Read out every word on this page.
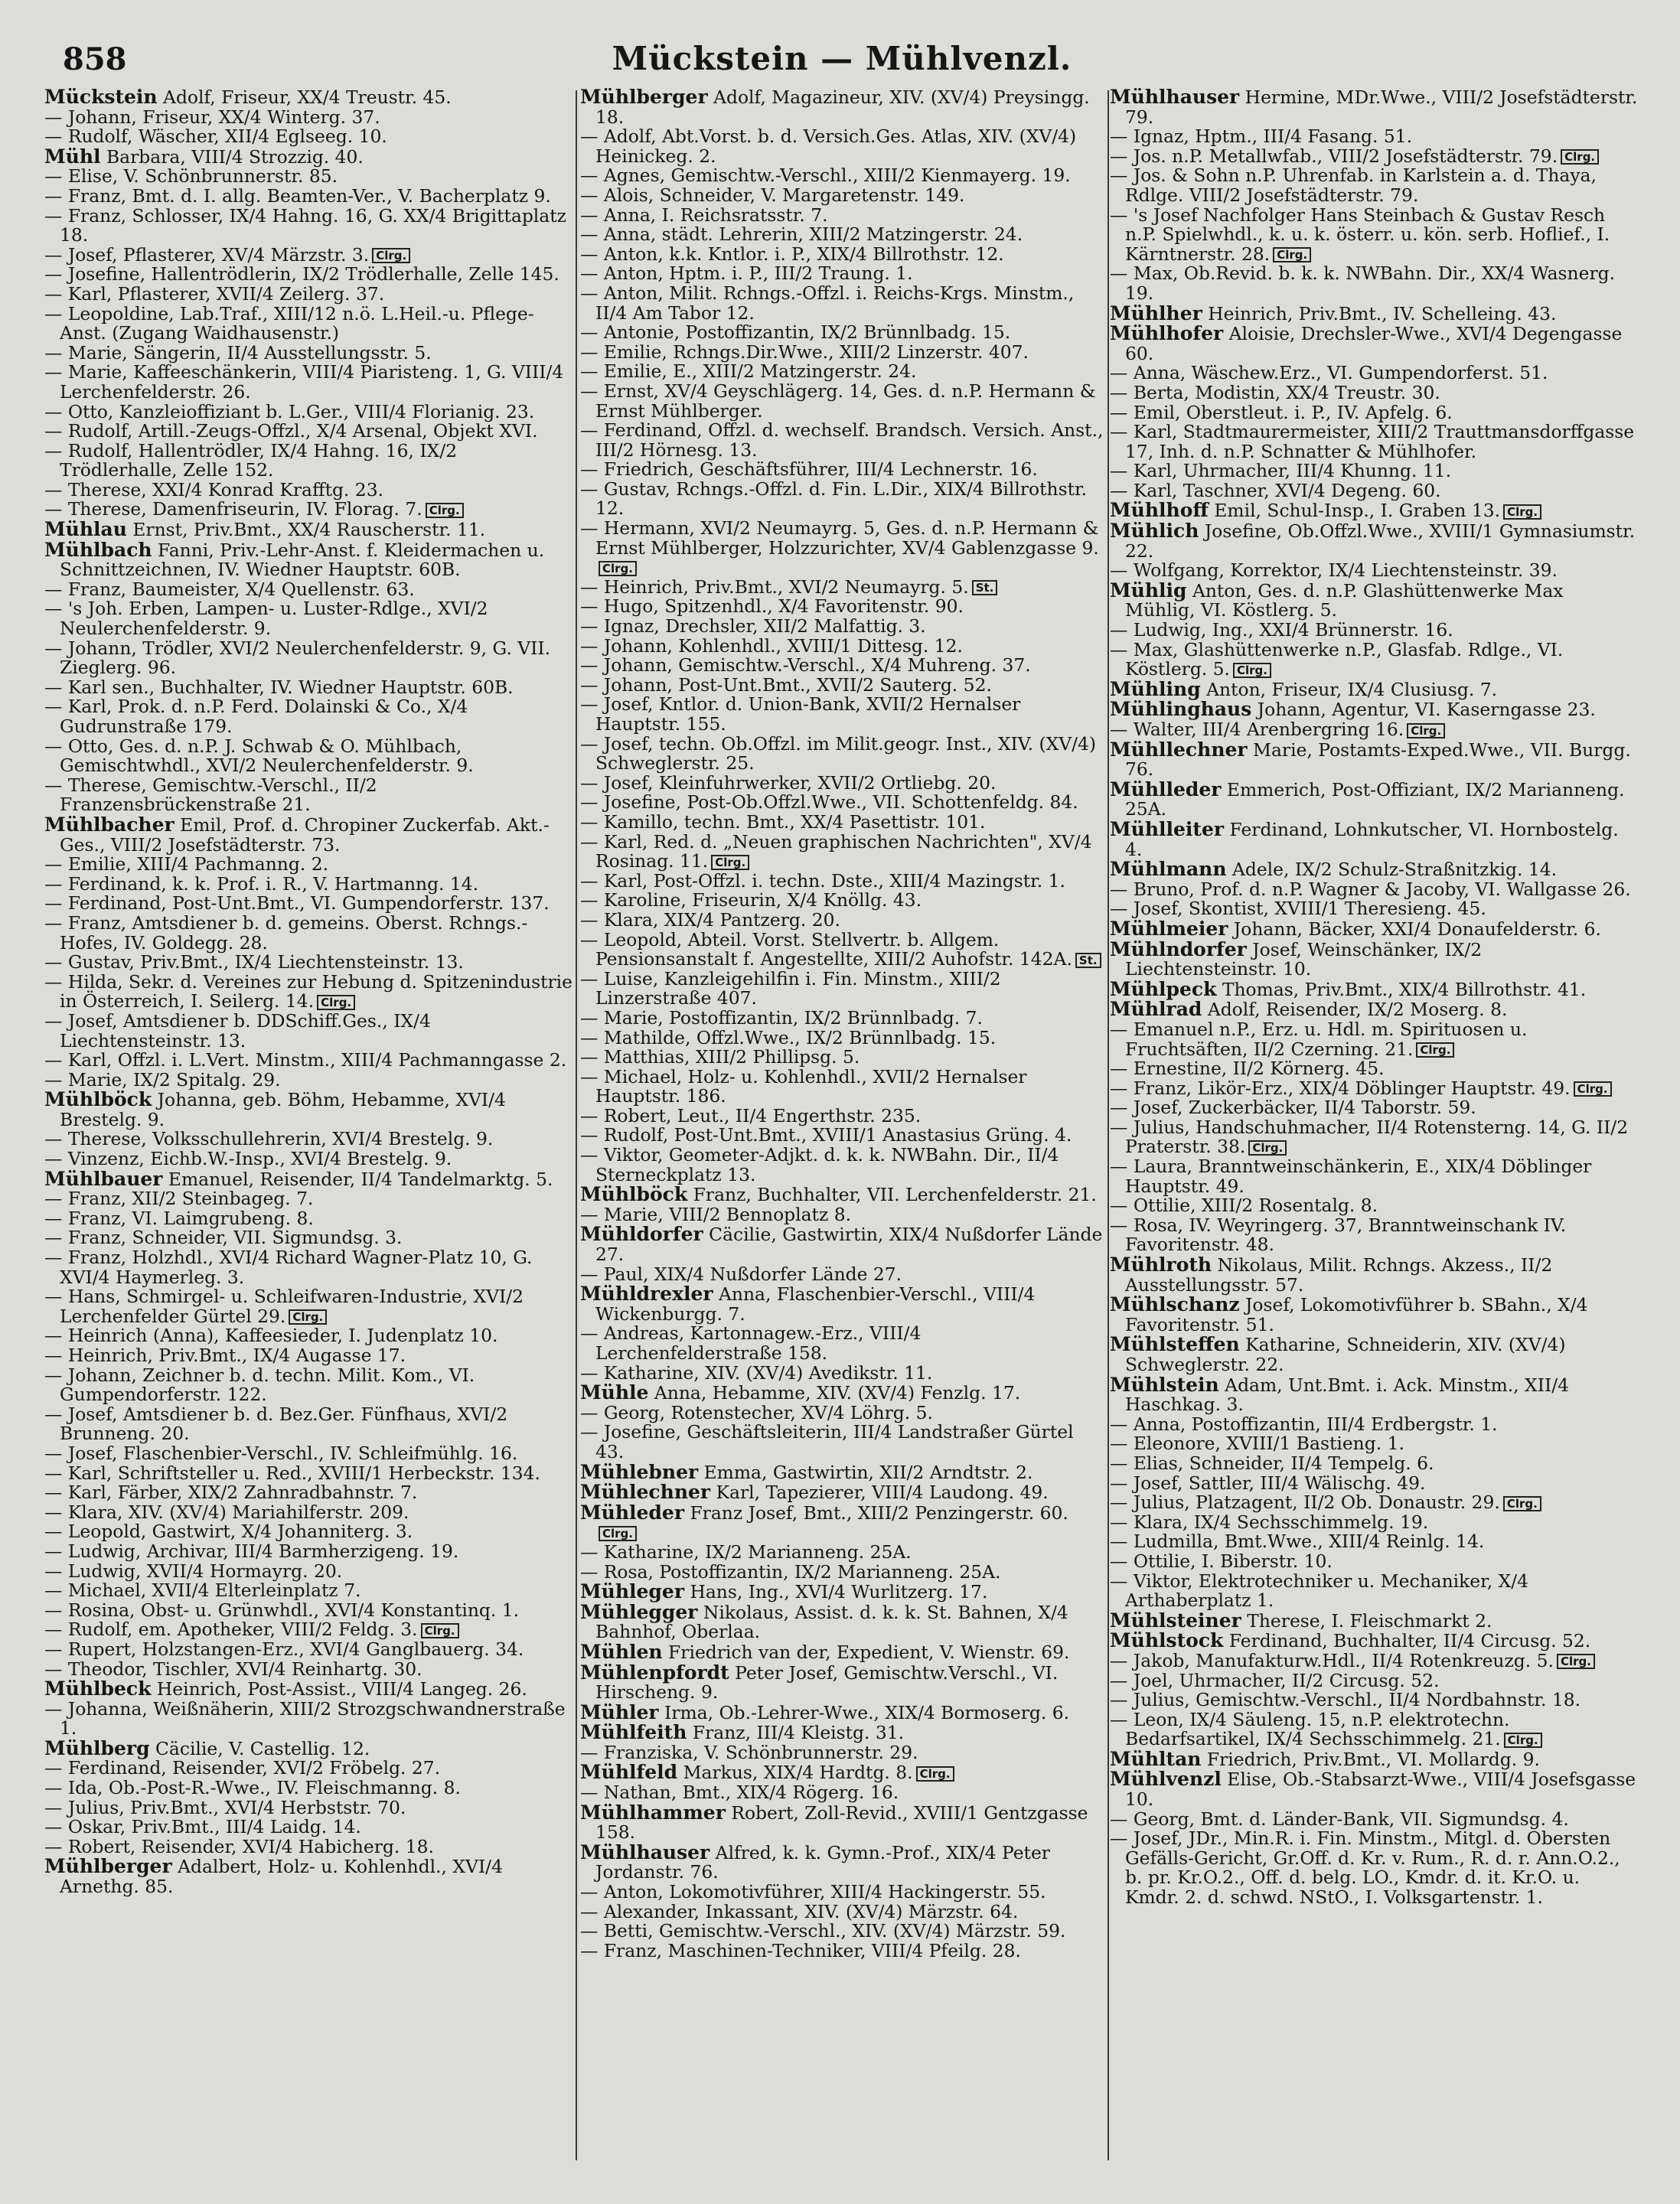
858	Mückstein — Mühlvenzl.

Mückstein Adolf, Friseur, XX/4 Treustr. 45.

— Johann, Friseur, XX/4 Winterg. 37.

— Rudolf, Wäscher, XII/4 Eglseeg. 10.

Mühl Barbara, VIII/4 Strozzig. 40.

— Elise, V. Schönbrunnerstr. 85.

— Franz, Bmt. d. I. allg. Beamten-Ver., V. Bacherplatz 9.

— Franz, Schlosser, IX/4 Hahng. 16, G. XX/4 Brigittaplatz 18.

— Josef, Pflasterer, XV/4 Märzstr. 3. Clrg.

— Josefine, Hallentrödlerin, IX/2 Trödlerhalle, Zelle 145.

— Karl, Pflasterer, XVII/4 Zeilerg. 37.

— Leopoldine, Lab.Traf., XIII/12 n.ö. L.Heil.-u. Pflege-Anst. (Zugang Waidhausenstr.)

— Marie, Sängerin, II/4 Ausstellungsstr. 5.

— Marie, Kaffeeschänkerin, VIII/4 Piaristeng. 1, G. VIII/4 Lerchenfelderstr. 26.

— Otto, Kanzleioffiziant b. L.Ger., VIII/4 Florianig. 23.

— Rudolf, Artill.-Zeugs-Offzl., X/4 Arsenal, Objekt XVI.

— Rudolf, Hallentrödler, IX/4 Hahng. 16, IX/2 Trödlerhalle, Zelle 152.

— Therese, XXI/4 Konrad Krafftg. 23.

— Therese, Damenfriseurin, IV. Florag. 7. Clrg.

Mühlau Ernst, Priv.Bmt., XX/4 Rauscherstr. 11.

Mühlbach Fanni, Priv.-Lehr-Anst. f. Kleidermachen u. Schnittzeichnen, IV. Wiedner Hauptstr. 60B.

— Franz, Baumeister, X/4 Quellenstr. 63.

— 's Joh. Erben, Lampen- u. Luster-Rdlge., XVI/2 Neulerchenfelderstr. 9.

— Johann, Trödler, XVI/2 Neulerchenfelderstr. 9, G. VII. Zieglerg. 96.

— Karl sen., Buchhalter, IV. Wiedner Hauptstr. 60B.

— Karl, Prok. d. n.P. Ferd. Dolainski & Co., X/4 Gudrunstraße 179.

— Otto, Ges. d. n.P. J. Schwab & O. Mühlbach, Gemischtwhdl., XVI/2 Neulerchenfelderstr. 9.

— Therese, Gemischtw.-Verschl., II/2 Franzensbrückenstraße 21.

Mühlbacher Emil, Prof. d. Chropiner Zuckerfab. Akt.-Ges., VIII/2 Josefstädterstr. 73.

— Emilie, XIII/4 Pachmanng. 2.

— Ferdinand, k. k. Prof. i. R., V. Hartmanng. 14.

— Ferdinand, Post-Unt.Bmt., VI. Gumpendorferstr. 137.

— Franz, Amtsdiener b. d. gemeins. Oberst. Rchngs.-Hofes, IV. Goldegg. 28.

— Gustav, Priv.Bmt., IX/4 Liechtensteinstr. 13.

— Hilda, Sekr. d. Vereines zur Hebung d. Spitzenindustrie in Österreich, I. Seilerg. 14. Clrg.

— Josef, Amtsdiener b. DDSchiff.Ges., IX/4 Liechtensteinstr. 13.

— Karl, Offzl. i. L.Vert. Minstm., XIII/4 Pachmanngasse 2.

— Marie, IX/2 Spitalg. 29.

Mühlböck Johanna, geb. Böhm, Hebamme, XVI/4 Brestelg. 9.

— Therese, Volksschullehrerin, XVI/4 Brestelg. 9.

— Vinzenz, Eichb.W.-Insp., XVI/4 Brestelg. 9.

Mühlbauer Emanuel, Reisender, II/4 Tandelmarktg. 5.

— Franz, XII/2 Steinbageg. 7.

— Franz, VI. Laimgrubeng. 8.

— Franz, Schneider, VII. Sigmundsg. 3.

— Franz, Holzhdl., XVI/4 Richard Wagner-Platz 10, G. XVI/4 Haymerleg. 3.

— Hans, Schmirgel- u. Schleifwaren-Industrie, XVI/2 Lerchenfelder Gürtel 29. Clrg.

— Heinrich (Anna), Kaffeesieder, I. Judenplatz 10.

— Heinrich, Priv.Bmt., IX/4 Augasse 17.

— Johann, Zeichner b. d. techn. Milit. Kom., VI. Gumpendorferstr. 122.

— Josef, Amtsdiener b. d. Bez.Ger. Fünfhaus, XVI/2 Brunneng. 20.

— Josef, Flaschenbier-Verschl., IV. Schleifmühlg. 16.

— Karl, Schriftsteller u. Red., XVIII/1 Herbeckstr. 134.

— Karl, Färber, XIX/2 Zahnradbahnstr. 7.

— Klara, XIV. (XV/4) Mariahilferstr. 209.

— Leopold, Gastwirt, X/4 Johanniterg. 3.

— Ludwig, Archivar, III/4 Barmherzigeng. 19.

— Ludwig, XVII/4 Hormayrg. 20.

— Michael, XVII/4 Elterleinplatz 7.

— Rosina, Obst- u. Grünwhdl., XVI/4 Konstantinq. 1.

— Rudolf, em. Apotheker, VIII/2 Feldg. 3. Clrg.

— Rupert, Holzstangen-Erz., XVI/4 Ganglbauerg. 34.

— Theodor, Tischler, XVI/4 Reinhartg. 30.

Mühlbeck Heinrich, Post-Assist., VIII/4 Langeg. 26.

— Johanna, Weißnäherin, XIII/2 Strozgschwandnerstraße 1.

Mühlberg Cäcilie, V. Castellig. 12.

— Ferdinand, Reisender, XVI/2 Fröbelg. 27.

— Ida, Ob.-Post-R.-Wwe., IV. Fleischmanng. 8.

— Julius, Priv.Bmt., XVI/4 Herbststr. 70.

— Oskar, Priv.Bmt., III/4 Laidg. 14.

— Robert, Reisender, XVI/4 Habicherg. 18.

Mühlberger Adalbert, Holz- u. Kohlenhdl., XVI/4 Arnethg. 85.

Mühlberger Adolf, Magazineur, XIV. (XV/4) Preysingg. 18.

— Adolf, Abt.Vorst. b. d. Versich.Ges. Atlas, XIV. (XV/4) Heinickeg. 2.

— Agnes, Gemischtw.-Verschl., XIII/2 Kienmayerg. 19.

— Alois, Schneider, V. Margaretenstr. 149.

— Anna, I. Reichsratsstr. 7.

— Anna, städt. Lehrerin, XIII/2 Matzingerstr. 24.

— Anton, k.k. Kntlor. i. P., XIX/4 Billrothstr. 12.

— Anton, Hptm. i. P., III/2 Traung. 1.

— Anton, Milit. Rchngs.-Offzl. i. Reichs-Krgs. Minstm., II/4 Am Tabor 12.

— Antonie, Postoffizantin, IX/2 Brünnlbadg. 15.

— Emilie, Rchngs.Dir.Wwe., XIII/2 Linzerstr. 407.

— Emilie, E., XIII/2 Matzingerstr. 24.

— Ernst, XV/4 Geyschlägerg. 14, Ges. d. n.P. Hermann & Ernst Mühlberger.

— Ferdinand, Offzl. d. wechself. Brandsch. Versich. Anst., III/2 Hörnesg. 13.

— Friedrich, Geschäftsführer, III/4 Lechnerstr. 16.

— Gustav, Rchngs.-Offzl. d. Fin. L.Dir., XIX/4 Billrothstr. 12.

— Hermann, XVI/2 Neumayrg. 5, Ges. d. n.P. Hermann & Ernst Mühlberger, Holzzurichter, XV/4 Gablenzgasse 9.Clrg.

— Heinrich, Priv.Bmt., XVI/2 Neumayrg. 5. St.

— Hugo, Spitzenhdl., X/4 Favoritenstr. 90.

— Ignaz, Drechsler, XII/2 Malfattig. 3.

— Johann, Kohlenhdl., XVIII/1 Dittesg. 12.

— Johann, Gemischtw.-Verschl., X/4 Muhreng. 37.

— Johann, Post-Unt.Bmt., XVII/2 Sauterg. 52.

— Josef, Kntlor. d. Union-Bank, XVII/2 Hernalser Hauptstr. 155.

— Josef, techn. Ob.Offzl. im Milit.geogr. Inst., XIV. (XV/4) Schweglerstr. 25.

— Josef, Kleinfuhrwerker, XVII/2 Ortliebg. 20.

— Josefine, Post-Ob.Offzl.Wwe., VII. Schottenfeldg. 84.

— Kamillo, techn. Bmt., XX/4 Pasettistr. 101.

— Karl, Red. d. „Neuen graphischen Nachrichten", XV/4 Rosinag. 11. Clrg.

— Karl, Post-Offzl. i. techn. Dste., XIII/4 Mazingstr. 1.

— Karoline, Friseurin, X/4 Knöllg. 43.

— Klara, XIX/4 Pantzerg. 20.

— Leopold, Abteil. Vorst. Stellvertr. b. Allgem. Pensionsanstalt f. Angestellte, XIII/2 Auhofstr. 142A. St.

— Luise, Kanzleigehilfin i. Fin. Minstm., XIII/2 Linzerstraße 407.

— Marie, Postoffizantin, IX/2 Brünnlbadg. 7.

— Mathilde, Offzl.Wwe., IX/2 Brünnlbadg. 15.

— Matthias, XIII/2 Phillipsg. 5.

— Michael, Holz- u. Kohlenhdl., XVII/2 Hernalser Hauptstr. 186.

— Robert, Leut., II/4 Engerthstr. 235.

— Rudolf, Post-Unt.Bmt., XVIII/1 Anastasius Grüng. 4.

— Viktor, Geometer-Adjkt. d. k. k. NWBahn. Dir., II/4 Sterneckplatz 13.

Mühlböck Franz, Buchhalter, VII. Lerchenfelderstr. 21.

— Marie, VIII/2 Bennoplatz 8.

Mühldorfer Cäcilie, Gastwirtin, XIX/4 Nußdorfer Lände 27.

— Paul, XIX/4 Nußdorfer Lände 27.

Mühldrexler Anna, Flaschenbier-Verschl., VIII/4 Wickenburgg. 7.

— Andreas, Kartonnagew.-Erz., VIII/4 Lerchenfelderstraße 158.

— Katharine, XIV. (XV/4) Avedikstr. 11.

Mühle Anna, Hebamme, XIV. (XV/4) Fenzlg. 17.

— Georg, Rotenstecher, XV/4 Löhrg. 5.

— Josefine, Geschäftsleiterin, III/4 Landstraßer Gürtel 43.

Mühlebner Emma, Gastwirtin, XII/2 Arndtstr. 2.

Mühlechner Karl, Tapezierer, VIII/4 Laudong. 49.

Mühleder Franz Josef, Bmt., XIII/2 Penzingerstr. 60.Clrg.

— Katharine, IX/2 Marianneng. 25A.

— Rosa, Postoffizantin, IX/2 Marianneng. 25A.

Mühleger Hans, Ing., XVI/4 Wurlitzerg. 17.

Mühlegger Nikolaus, Assist. d. k. k. St. Bahnen, X/4 Bahnhof, Oberlaa.

Mühlen Friedrich van der, Expedient, V. Wienstr. 69.

Mühlenpfordt Peter Josef, Gemischtw.Verschl., VI. Hirscheng. 9.

Mühler Irma, Ob.-Lehrer-Wwe., XIX/4 Bormoserg. 6.

Mühlfeith Franz, III/4 Kleistg. 31.

— Franziska, V. Schönbrunnerstr. 29.

Mühlfeld Markus, XIX/4 Hardtg. 8. Clrg.

— Nathan, Bmt., XIX/4 Rögerg. 16.

Mühlhammer Robert, Zoll-Revid., XVIII/1 Gentzgasse 158.

Mühlhauser Alfred, k. k. Gymn.-Prof., XIX/4 Peter Jordanstr. 76.

— Anton, Lokomotivführer, XIII/4 Hackingerstr. 55.

— Alexander, Inkassant, XIV. (XV/4) Märzstr. 64.

— Betti, Gemischtw.-Verschl., XIV. (XV/4) Märzstr. 59.

— Franz, Maschinen-Techniker, VIII/4 Pfeilg. 28.

Mühlhauser Hermine, MDr.Wwe., VIII/2 Josefstädterstr. 79.

— Ignaz, Hptm., III/4 Fasang. 51.

— Jos. n.P. Metallwfab., VIII/2 Josefstädterstr. 79. Clrg.

— Jos. & Sohn n.P. Uhrenfab. in Karlstein a. d. Thaya, Rdlge. VIII/2 Josefstädterstr. 79.

— 's Josef Nachfolger Hans Steinbach & Gustav Resch n.P. Spielwhdl., k. u. k. österr. u. kön. serb. Hoflief., I. Kärntnerstr. 28. Clrg.

— Max, Ob.Revid. b. k. k. NWBahn. Dir., XX/4 Wasnerg. 19.

Mühlher Heinrich, Priv.Bmt., IV. Schelleing. 43.

Mühlhofer Aloisie, Drechsler-Wwe., XVI/4 Degengasse 60.

— Anna, Wäschew.Erz., VI. Gumpendorferst. 51.

— Berta, Modistin, XX/4 Treustr. 30.

— Emil, Oberstleut. i. P., IV. Apfelg. 6.

— Karl, Stadtmaurermeister, XIII/2 Trauttmansdorffgasse 17, Inh. d. n.P. Schnatter & Mühlhofer.

— Karl, Uhrmacher, III/4 Khunng. 11.

— Karl, Taschner, XVI/4 Degeng. 60.

Mühlhoff Emil, Schul-Insp., I. Graben 13. Clrg.

Mühlich Josefine, Ob.Offzl.Wwe., XVIII/1 Gymnasiumstr. 22.

— Wolfgang, Korrektor, IX/4 Liechtensteinstr. 39.

Mühlig Anton, Ges. d. n.P. Glashüttenwerke Max Mühlig, VI. Köstlerg. 5.

— Ludwig, Ing., XXI/4 Brünnerstr. 16.

— Max, Glashüttenwerke n.P., Glasfab. Rdlge., VI. Köstlerg. 5. Clrg.

Mühling Anton, Friseur, IX/4 Clusiusg. 7.

Mühlinghaus Johann, Agentur, VI. Kaserngasse 23.

— Walter, III/4 Arenbergring 16. Clrg.

Mühllechner Marie, Postamts-Exped.Wwe., VII. Burgg. 76.

Mühlleder Emmerich, Post-Offiziant, IX/2 Marianneng. 25A.

Mühlleiter Ferdinand, Lohnkutscher, VI. Hornbostelg. 4.

Mühlmann Adele, IX/2 Schulz-Straßnitzkig. 14.

— Bruno, Prof. d. n.P. Wagner & Jacoby, VI. Wallgasse 26.

— Josef, Skontist, XVIII/1 Theresieng. 45.

Mühlmeier Johann, Bäcker, XXI/4 Donaufelderstr. 6.

Mühlndorfer Josef, Weinschänker, IX/2 Liechtensteinstr. 10.

Mühlpeck Thomas, Priv.Bmt., XIX/4 Billrothstr. 41.

Mühlrad Adolf, Reisender, IX/2 Moserg. 8.

— Emanuel n.P., Erz. u. Hdl. m. Spirituosen u. Fruchtsäften, II/2 Czerning. 21. Clrg.

— Ernestine, II/2 Körnerg. 45.

— Franz, Likör-Erz., XIX/4 Döblinger Hauptstr. 49. Clrg.

— Josef, Zuckerbäcker, II/4 Taborstr. 59.

— Julius, Handschuhmacher, II/4 Rotensterng. 14, G. II/2 Praterstr. 38. Clrg.

— Laura, Branntweinschänkerin, E., XIX/4 Döblinger Hauptstr. 49.

— Ottilie, XIII/2 Rosentalg. 8.

— Rosa, IV. Weyringerg. 37, Branntweinschank IV. Favoritenstr. 48.

Mühlroth Nikolaus, Milit. Rchngs. Akzess., II/2 Ausstellungsstr. 57.

Mühlschanz Josef, Lokomotivführer b. SBahn., X/4 Favoritenstr. 51.

Mühlsteffen Katharine, Schneiderin, XIV. (XV/4) Schweglerstr. 22.

Mühlstein Adam, Unt.Bmt. i. Ack. Minstm., XII/4 Haschkag. 3.

— Anna, Postoffizantin, III/4 Erdbergstr. 1.

— Eleonore, XVIII/1 Bastieng. 1.

— Elias, Schneider, II/4 Tempelg. 6.

— Josef, Sattler, III/4 Wälischg. 49.

— Julius, Platzagent, II/2 Ob. Donaustr. 29. Clrg.

— Klara, IX/4 Sechsschimmelg. 19.

— Ludmilla, Bmt.Wwe., XIII/4 Reinlg. 14.

— Ottilie, I. Biberstr. 10.

— Viktor, Elektrotechniker u. Mechaniker, X/4 Arthaberplatz 1.

Mühlsteiner Therese, I. Fleischmarkt 2.

Mühlstock Ferdinand, Buchhalter, II/4 Circusg. 52.

— Jakob, Manufakturw.Hdl., II/4 Rotenkreuzg. 5. Clrg.

— Joel, Uhrmacher, II/2 Circusg. 52.

— Julius, Gemischtw.-Verschl., II/4 Nordbahnstr. 18.

— Leon, IX/4 Säuleng. 15, n.P. elektrotechn. Bedarfsartikel, IX/4 Sechsschimmelg. 21. Clrg.

Mühltan Friedrich, Priv.Bmt., VI. Mollardg. 9.

Mühlvenzl Elise, Ob.-Stabsarzt-Wwe., VIII/4 Josefsgasse 10.

— Georg, Bmt. d. Länder-Bank, VII. Sigmundsg. 4.

— Josef, JDr., Min.R. i. Fin. Minstm., Mitgl. d. Obersten Gefälls-Gericht, Gr.Off. d. Kr. v. Rum., R. d. r. Ann.O.2., b. pr. Kr.O.2., Off. d. belg. LO., Kmdr. d. it. Kr.O. u. Kmdr. 2. d. schwd. NStO., I. Volksgartenstr. 1.
